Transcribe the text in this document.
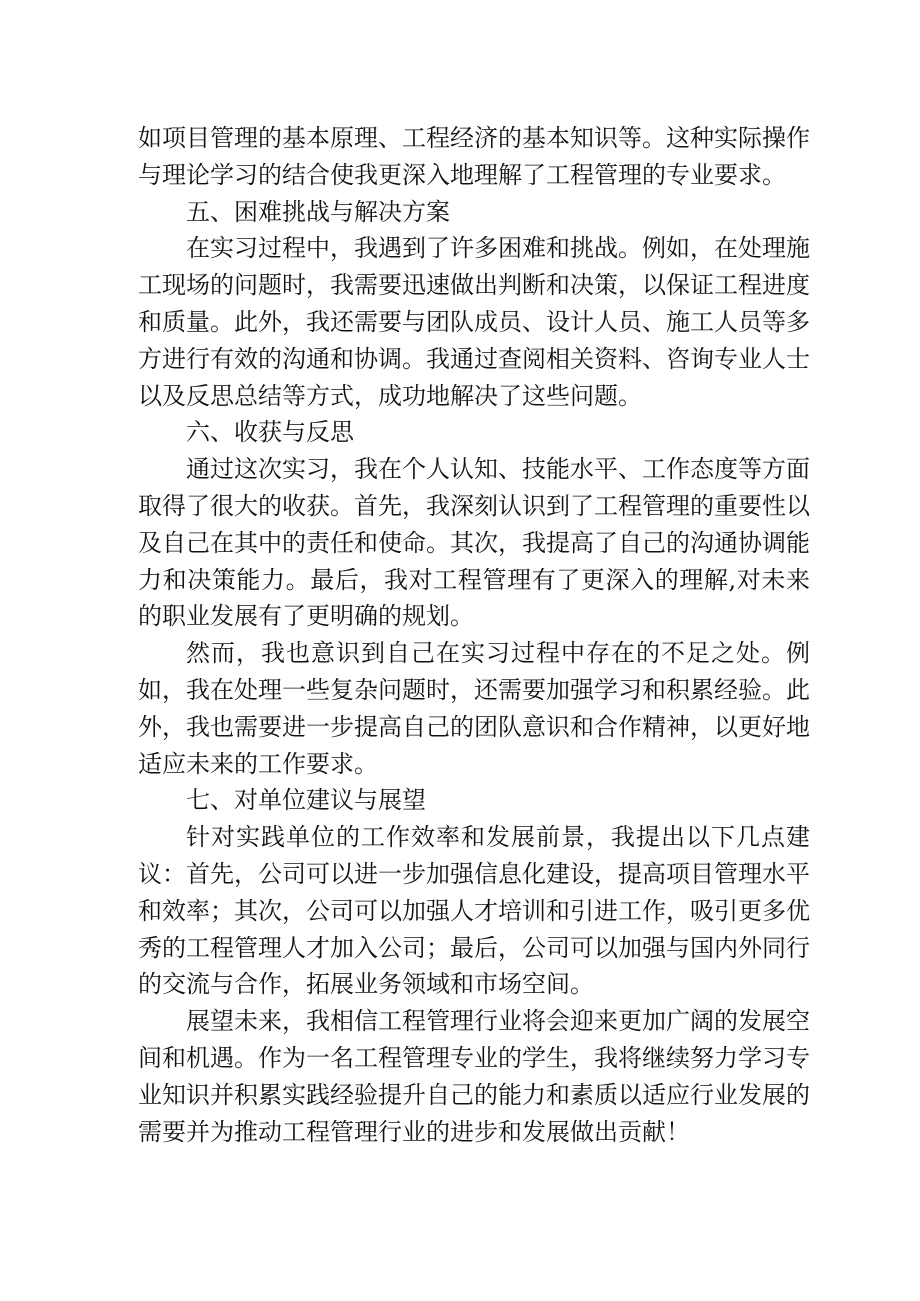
如项目管理的基本原理、工程经济的基本知识等。这种实际操作与理论学习的结合使我更深入地理解了工程管理的专业要求。

五、困难挑战与解决方案

在实习过程中，我遇到了许多困难和挑战。例如，在处理施工现场的问题时，我需要迅速做出判断和决策，以保证工程进度和质量。此外，我还需要与团队成员、设计人员、施工人员等多方进行有效的沟通和协调。我通过查阅相关资料、咨询专业人士以及反思总结等方式，成功地解决了这些问题。

六、收获与反思

通过这次实习，我在个人认知、技能水平、工作态度等方面取得了很大的收获。首先，我深刻认识到了工程管理的重要性以及自己在其中的责任和使命。其次，我提高了自己的沟通协调能力和决策能力。最后，我对工程管理有了更深入的理解,对未来的职业发展有了更明确的规划。

然而，我也意识到自己在实习过程中存在的不足之处。例如，我在处理一些复杂问题时，还需要加强学习和积累经验。此外，我也需要进一步提高自己的团队意识和合作精神，以更好地适应未来的工作要求。

七、对单位建议与展望

针对实践单位的工作效率和发展前景，我提出以下几点建议：首先，公司可以进一步加强信息化建设，提高项目管理水平和效率；其次，公司可以加强人才培训和引进工作，吸引更多优秀的工程管理人才加入公司；最后，公司可以加强与国内外同行的交流与合作，拓展业务领域和市场空间。

展望未来，我相信工程管理行业将会迎来更加广阔的发展空间和机遇。作为一名工程管理专业的学生，我将继续努力学习专业知识并积累实践经验提升自己的能力和素质以适应行业发展的需要并为推动工程管理行业的进步和发展做出贡献！
